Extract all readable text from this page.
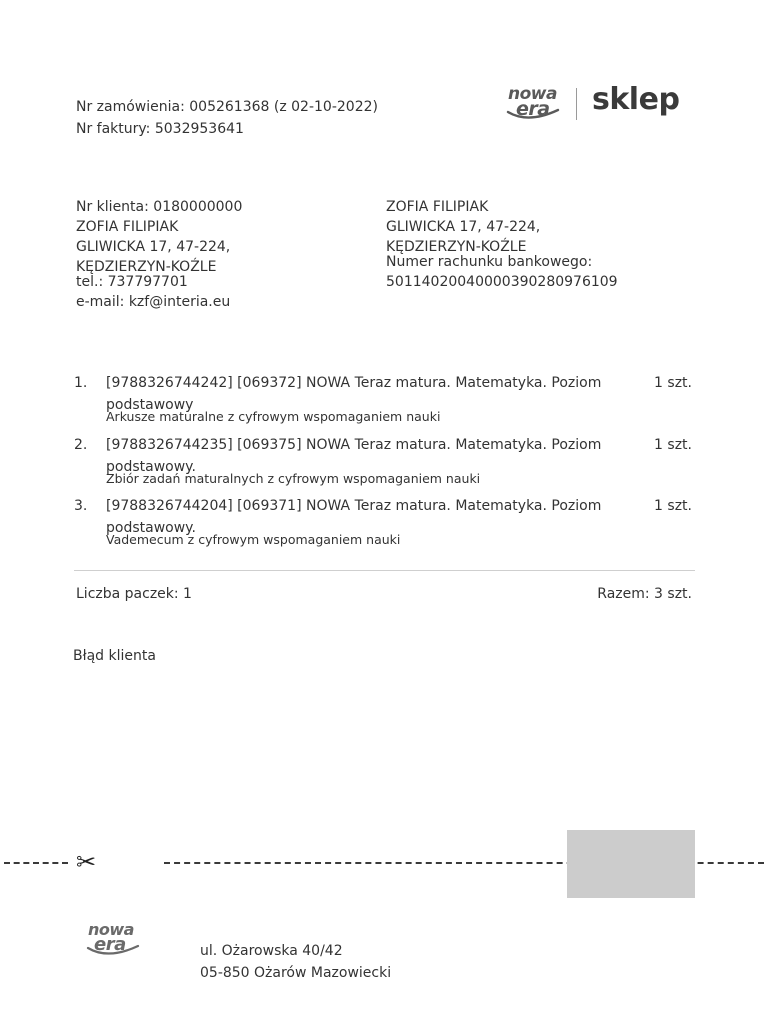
Nr zamówienia: 005261368 (z 02-10-2022)
Nr faktury: 5032953641
nowa
era sklep
Nr klienta: 0180000000
ZOFIA FILIPIAK
GLIWICKA 17, 47-224,
KĘDZIERZYN-KOŹLE
tel.: 737797701
e-mail: kzf@interia.eu
ZOFIA FILIPIAK
GLIWICKA 17, 47-224,
KĘDZIERZYN-KOŹLE
Numer rachunku bankowego:
50114020040000390280976109
1. [9788326744242] [069372] NOWA Teraz matura. Matematyka. Poziom podstawowy
1 szt.
Arkusze maturalne z cyfrowym wspomaganiem nauki
2. [9788326744235] [069375] NOWA Teraz matura. Matematyka. Poziom podstawowy.
1 szt.
Zbiór zadań maturalnych z cyfrowym wspomaganiem nauki
3. [9788326744204] [069371] NOWA Teraz matura. Matematyka. Poziom podstawowy.
1 szt.
Vademecum z cyfrowym wspomaganiem nauki
Liczba paczek: 1	Razem: 3 szt.
Błąd klienta
✂
nowa
era	ul. Ożarowska 40/42
05-850 Ożarów Mazowiecki
